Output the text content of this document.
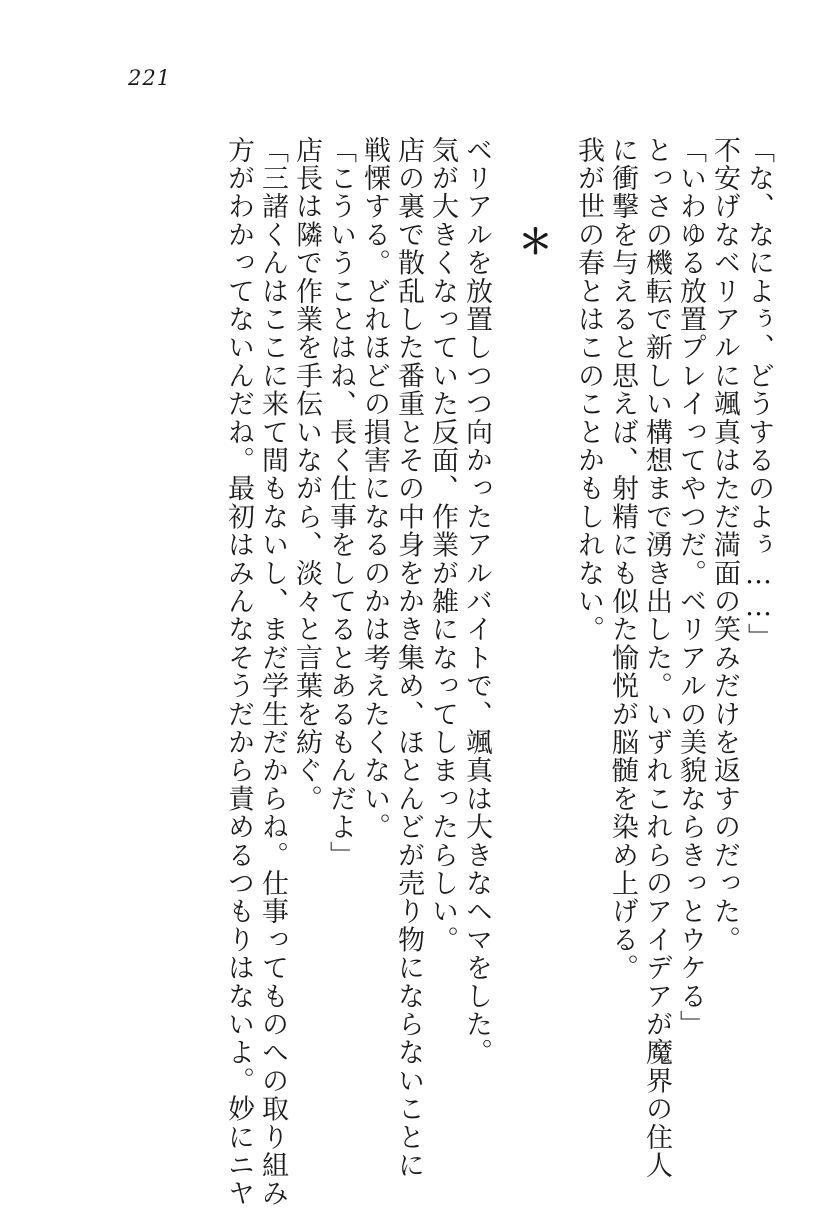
221
「な、なによぅ、どうするのよぅ……」
不安げなベリアルに颯真はただ満面の笑みだけを返すのだった。
「いわゆる放置プレイってやつだ。ベリアルの美貌ならきっとウケる」
とっさの機転で新しい構想まで湧き出した。いずれこれらのアイデアが魔界の住人
に衝撃を与えると思えば、射精にも似た愉悦が脳髄を染め上げる。
我が世の春とはこのことかもしれない。
＊
ベリアルを放置しつつ向かったアルバイトで、颯真は大きなヘマをした。
気が大きくなっていた反面、作業が雑になってしまったらしい。
店の裏で散乱した番重とその中身をかき集め、ほとんどが売り物にならないことに
戦慄する。どれほどの損害になるのかは考えたくない。
「こういうことはね、長く仕事をしてるとあるもんだよ」
店長は隣で作業を手伝いながら、淡々と言葉を紡ぐ。
「三諸くんはここに来て間もないし、まだ学生だからね。仕事ってものへの取り組み
方がわかってないんだね。最初はみんなそうだから責めるつもりはないよ。妙にニヤ
